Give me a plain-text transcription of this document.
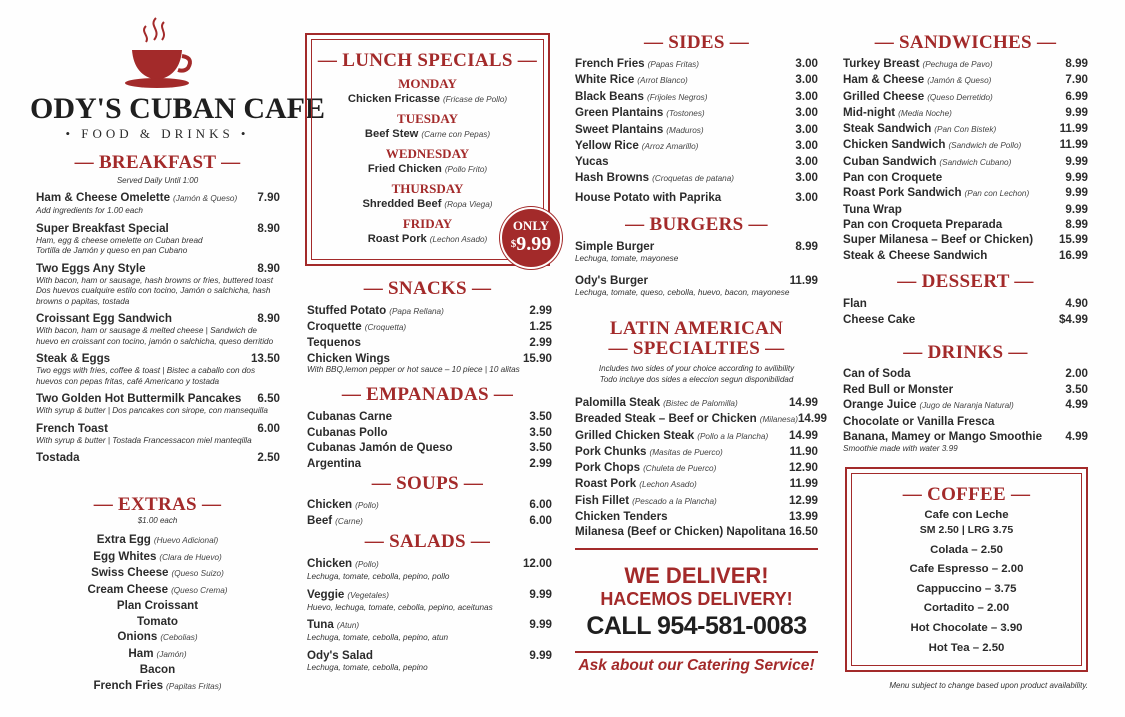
ODY'S CUBAN CAFE
• FOOD & DRINKS •
— BREAKFAST —
Served Daily Until 1:00
Ham & Cheese Omelette (Jamón & Queso) 7.90
Add ingredients for 1.00 each
Super Breakfast Special	8.90
Ham, egg & cheese omelette on Cuban bread
Tortilla de Jamón y queso en pan Cubano
Two Eggs Any Style	8.90
With bacon, ham or sausage, hash browns or fries, buttered toast
Dos huevos cualquire estilo con tocino, Jamón o salchicha, hash browns o papitas, tostada
Croissant Egg Sandwich	8.90
With bacon, ham or sausage & melted cheese | Sandwich de huevo en croissant con tocino, jamón o salchicha, queso derritido
Steak & Eggs	13.50
Two eggs with fries, coffee & toast | Bistec a caballo con dos huevos con pepas fritas, café Americano y tostada
Two Golden Hot Buttermilk Pancakes 6.50
With syrup & butter | Dos pancakes con sirope, con mansequilla
French Toast	6.00
With syrup & butter | Tostada Francessacon miel manteqilla
Tostada	2.50
— EXTRAS —
$1.00 each
Extra Egg (Huevo Adicional)
Egg Whites (Clara de Huevo)
Swiss Cheese (Queso Suizo)
Cream Cheese (Queso Crema)
Plan Croissant
Tomato
Onions (Cebolias)
Ham (Jamón)
Bacon
French Fries (Papitas Fritas)
— LUNCH SPECIALS —
MONDAY
Chicken Fricasse (Fricase de Pollo)
TUESDAY
Beef Stew (Carne con Pepas)
WEDNESDAY
Fried Chicken (Pollo Frito)
THURSDAY
Shredded Beef (Ropa Viega)
FRIDAY
Roast Pork (Lechon Asado)
ONLY
$9.99
— SNACKS —
Stuffed Potato (Papa Rellana)	2.99
Croquette (Croquetta)	1.25
Tequenos	2.99
Chicken Wings	15.90
With BBQ,lemon pepper or hot sauce – 10 piece | 10 alitas
— EMPANADAS —
Cubanas Carne	3.50
Cubanas Pollo	3.50
Cubanas Jamón de Queso	3.50
Argentina	2.99
— SOUPS —
Chicken (Pollo)	6.00
Beef (Carne)	6.00
— SALADS —
Chicken (Pollo)	12.00
Lechuga, tomate, cebolla, pepino, pollo
Veggie (Vegetales)	9.99
Huevo, lechuga, tomate, cebolla, pepino, aceitunas
Tuna (Atun)	9.99
Lechuga, tomate, cebolla, pepino, atun
Ody's Salad	9.99
Lechuga, tomate, cebolla, pepino
— SIDES —
French Fries (Papas Fritas)	3.00
White Rice (Arrot Blanco)	3.00
Black Beans (Frijoles Negros)	3.00
Green Plantains (Tostones)	3.00
Sweet Plantains (Maduros)	3.00
Yellow Rice (Arroz Amarillo)	3.00
Yucas	3.00
Hash Browns (Croquetas de patana)	3.00
House Potato with Paprika	3.00
— BURGERS —
Simple Burger	8.99
Lechuga, tomate, mayonese
Ody's Burger	11.99
Lechuga, tomate, queso, cebolla, huevo, bacon, mayonese
LATIN AMERICAN
— SPECIALTIES —
Includes two sides of your choice according to avilibility
Todo incluye dos sides a eleccion segun disponibilidad
Palomilla Steak (Bistec de Palomilla)	14.99
Breaded Steak – Beef or Chicken (Milanesa) 14.99
Grilled Chicken Steak (Pollo a la Plancha) 14.99
Pork Chunks (Masitas de Puerco)	11.90
Pork Chops (Chuleta de Puerco)	12.90
Roast Pork (Lechon Asado)	11.99
Fish Fillet (Pescado a la Plancha)	12.99
Chicken Tenders	13.99
Milanesa (Beef or Chicken) Napolitana 16.50
WE DELIVER!
HACEMOS DELIVERY!
CALL 954-581-0083
Ask about our Catering Service!
— SANDWICHES —
Turkey Breast (Pechuga de Pavo)	8.99
Ham & Cheese (Jamón & Queso)	7.90
Grilled Cheese (Queso Derretido)	6.99
Mid-night (Media Noche)	9.99
Steak Sandwich (Pan Con Bistek)	11.99
Chicken Sandwich (Sandwich de Pollo)	11.99
Cuban Sandwich (Sandwich Cubano)	9.99
Pan con Croquete	9.99
Roast Pork Sandwich (Pan con Lechon)	9.99
Tuna Wrap	9.99
Pan con Croqueta Preparada	8.99
Super Milanesa – Beef or Chicken) 15.99
Steak & Cheese Sandwich	16.99
— DESSERT —
Flan	4.90
Cheese Cake	$4.99
— DRINKS —
Can of Soda	2.00
Red Bull or Monster	3.50
Orange Juice (Jugo de Naranja Natural)	4.99
Chocolate or Vanilla Fresca
Banana, Mamey or Mango Smoothie 4.99
Smoothie made with water 3.99
— COFFEE —
Cafe con Leche
SM 2.50 | LRG 3.75
Colada – 2.50
Cafe Espresso – 2.00
Cappuccino – 3.75
Cortadito – 2.00
Hot Chocolate – 3.90
Hot Tea – 2.50
Menu subject to change based upon product availability.
